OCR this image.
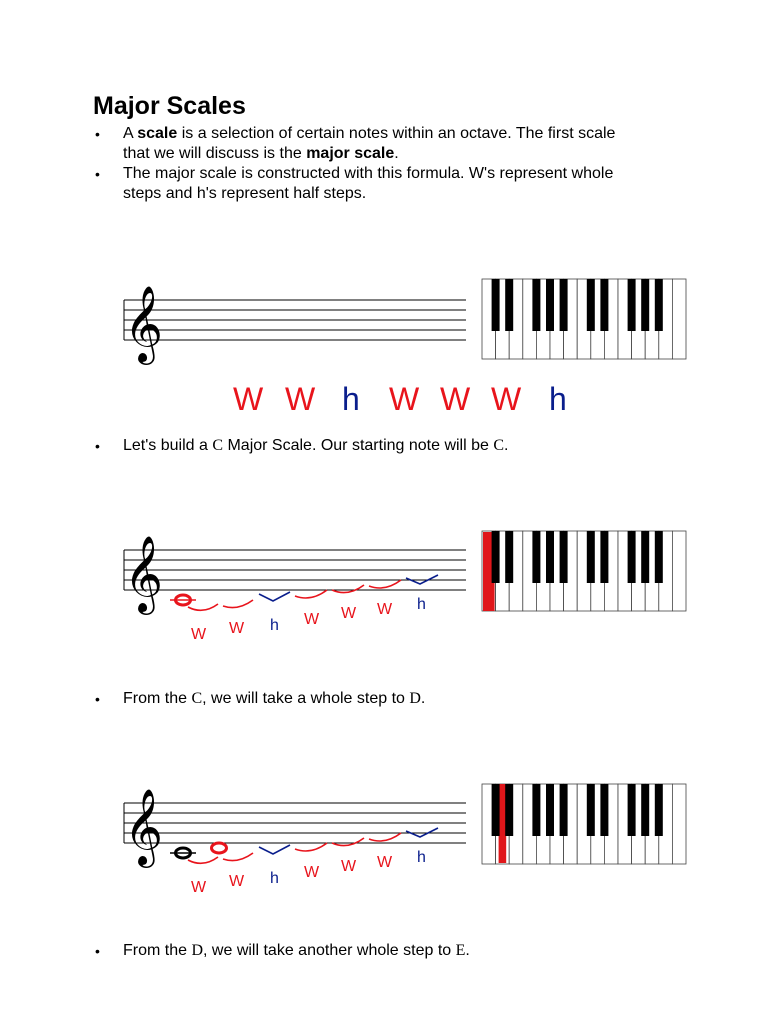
Major Scales
• A scale is a selection of certain notes within an octave. The first scale
that we will discuss is the major scale.
• The major scale is constructed with this formula. W's represent whole
steps and h's represent half steps.
𝄞
W W h W W W h
• Let's build a C Major Scale. Our starting note will be C.
𝄞
W W h W W W h
• From the C, we will take a whole step to D.
𝄞
W W h W W W h
• From the D, we will take another whole step to E.
